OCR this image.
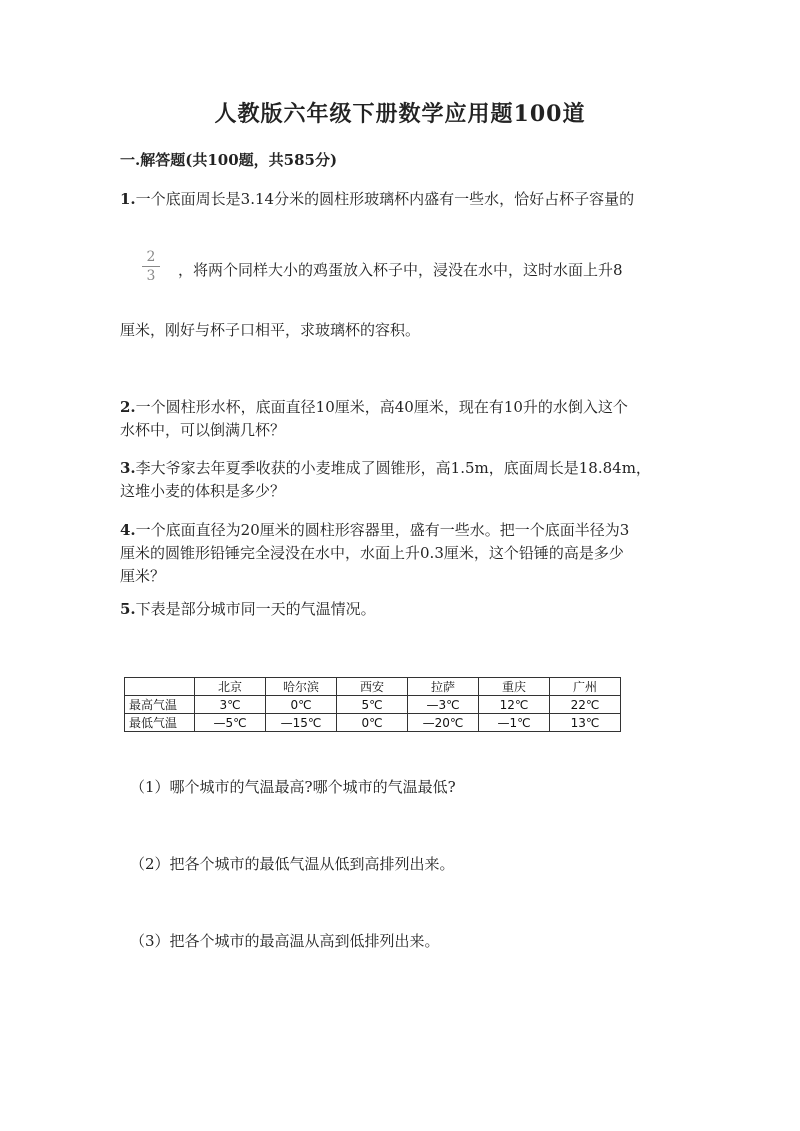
人教版六年级下册数学应用题100道
一.解答题(共100题，共585分)
1.一个底面周长是3.14分米的圆柱形玻璃杯内盛有一些水，恰好占杯子容量的
2
3	，将两个同样大小的鸡蛋放入杯子中，浸没在水中，这时水面上升8
厘米，刚好与杯子口相平，求玻璃杯的容积。
2.一个圆柱形水杯，底面直径10厘米，高40厘米，现在有10升的水倒入这个
水杯中，可以倒满几杯？
3.李大爷家去年夏季收获的小麦堆成了圆锥形，高1.5m，底面周长是18.84m，
这堆小麦的体积是多少？
4.一个底面直径为20厘米的圆柱形容器里，盛有一些水。把一个底面半径为3
厘米的圆锥形铅锤完全浸没在水中，水面上升0.3厘米，这个铅锤的高是多少
厘米？
5.下表是部分城市同一天的气温情况。
	北京	哈尔滨	西安	拉萨	重庆	广州
最高气温	3℃	0℃	5℃	—3℃	12℃	22℃
最低气温	—5℃	—15℃	0℃	—20℃	—1℃	13℃
（1）哪个城市的气温最高?哪个城市的气温最低?
（2）把各个城市的最低气温从低到高排列出来。
（3）把各个城市的最高温从高到低排列出来。
